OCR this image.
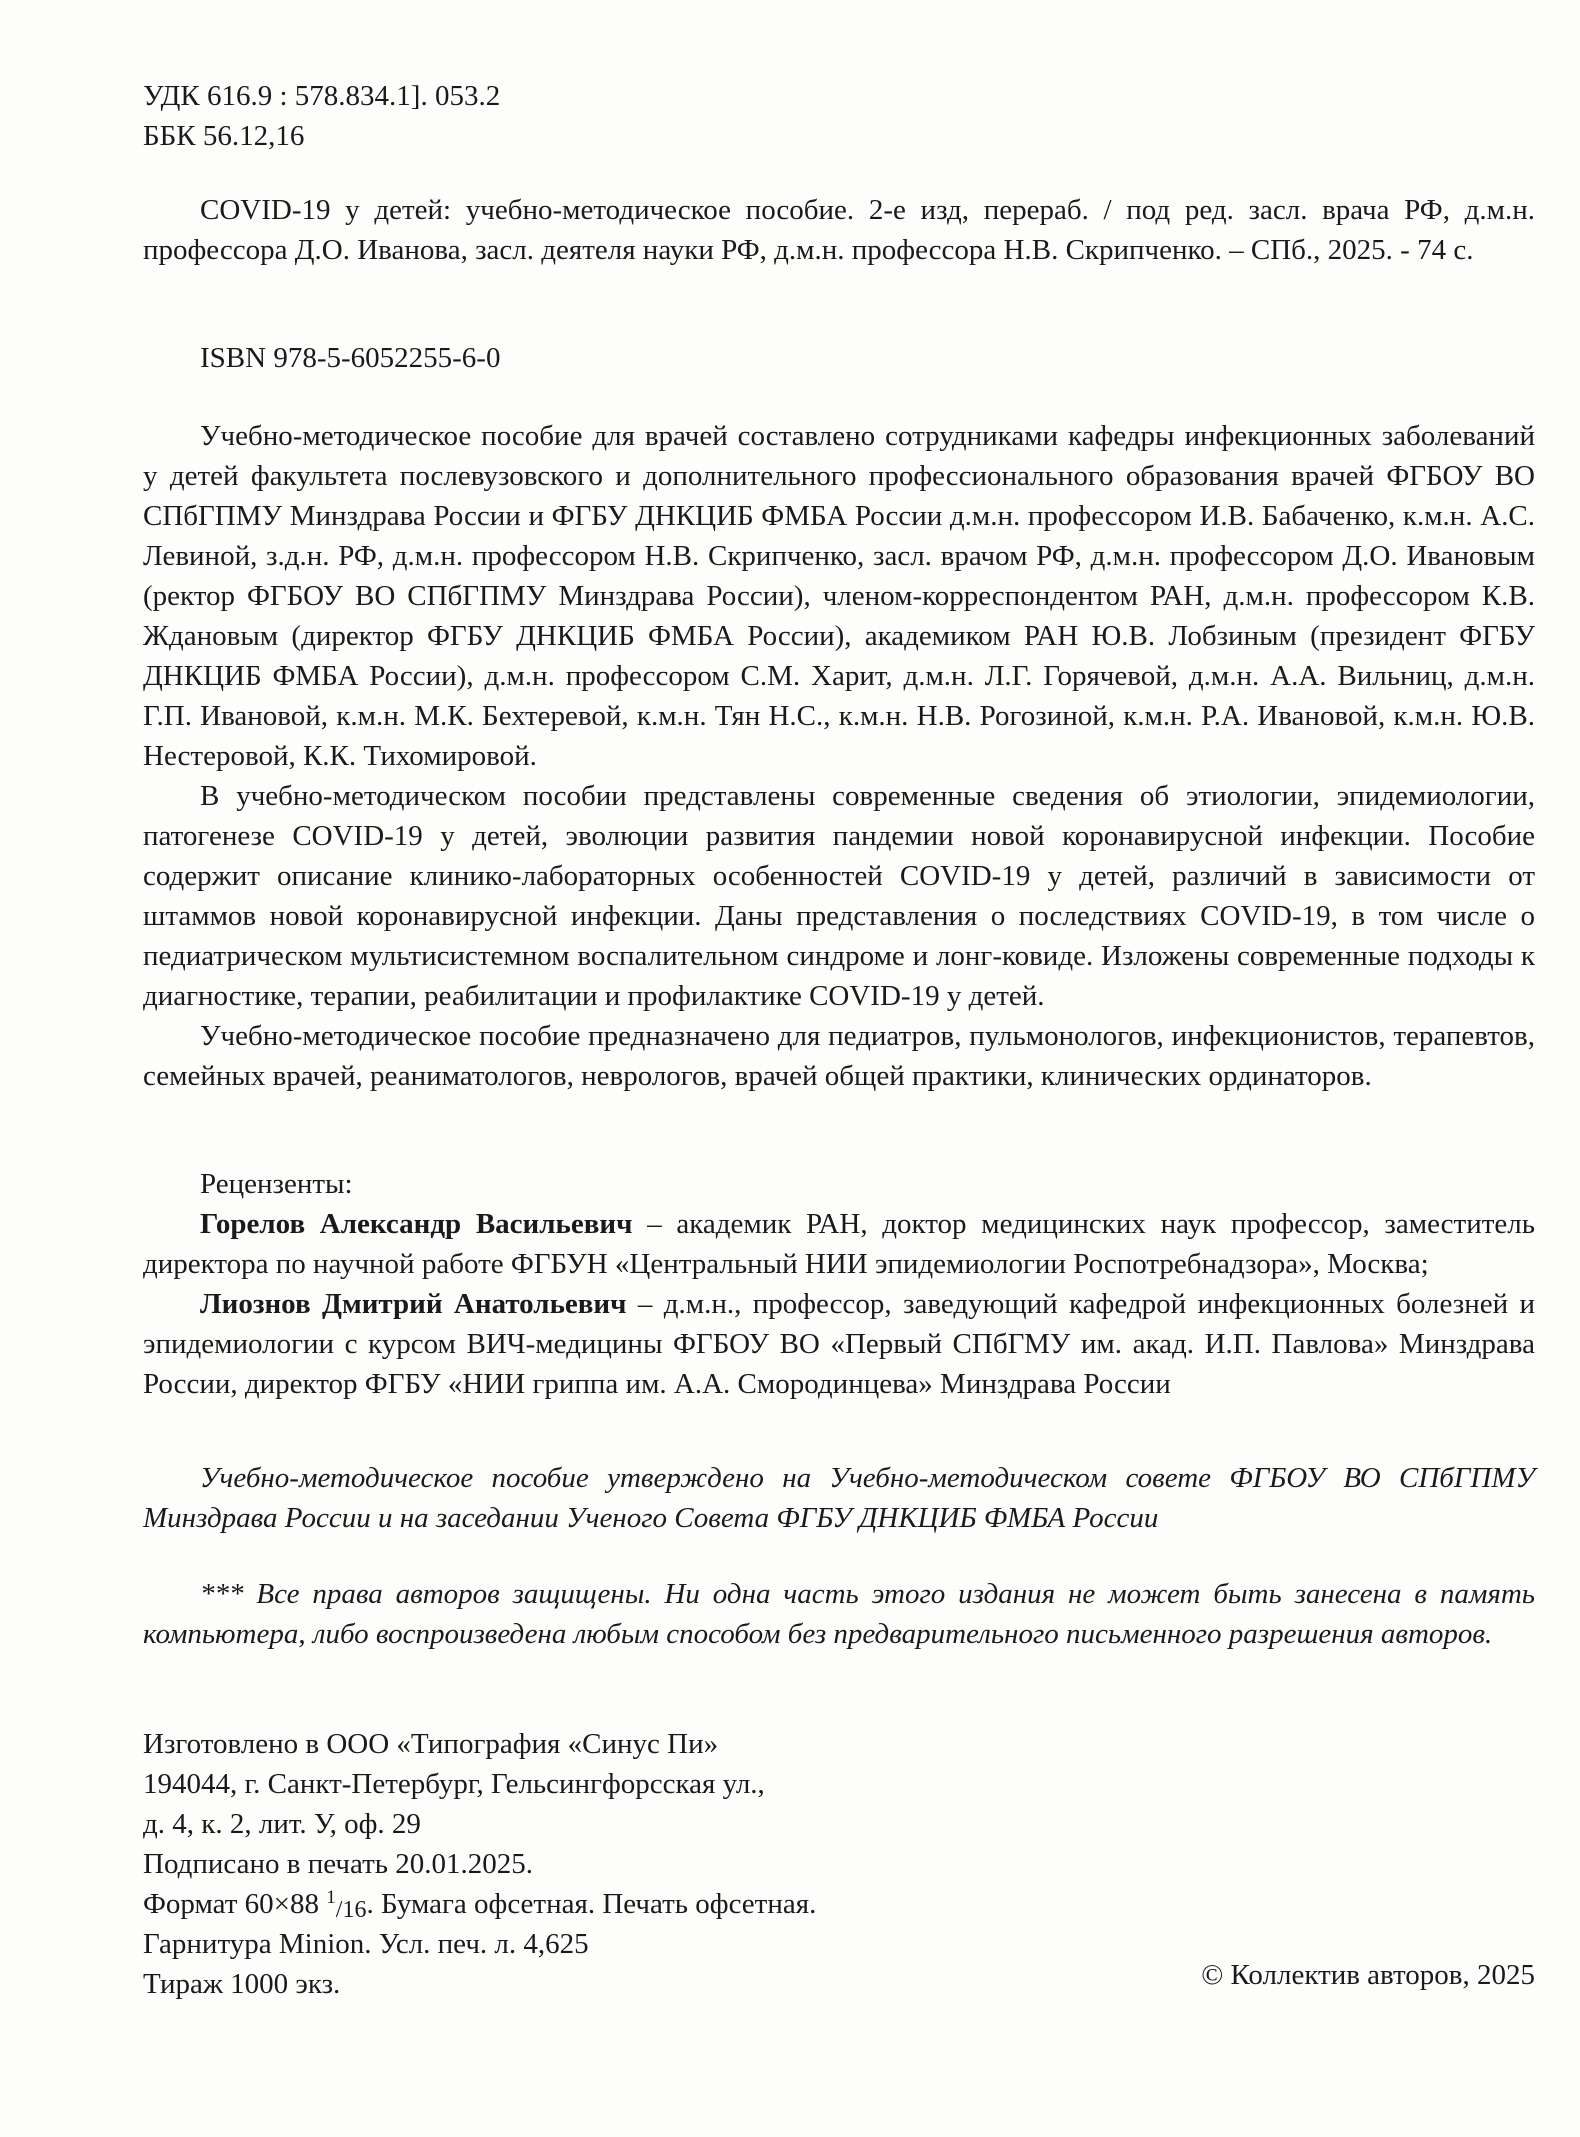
УДК 616.9 : 578.834.1]. 053.2
ББК 56.12,16

COVID-19 у детей: учебно-методическое пособие. 2-е изд, перераб. / под ред. засл. врача РФ, д.м.н. профессора Д.О. Иванова, засл. деятеля науки РФ, д.м.н. профессора Н.В. Скрипченко. – СПб., 2025. - 74 с.

ISBN 978-5-6052255-6-0

Учебно-методическое пособие для врачей составлено сотрудниками кафедры инфекционных заболеваний у детей факультета послевузовского и дополнительного профессионального образования врачей ФГБОУ ВО СПбГПМУ Минздрава России и ФГБУ ДНКЦИБ ФМБА России д.м.н. профессором И.В. Бабаченко, к.м.н. А.С. Левиной, з.д.н. РФ, д.м.н. профессором Н.В. Скрипченко, засл. врачом РФ, д.м.н. профессором Д.О. Ивановым (ректор ФГБОУ ВО СПбГПМУ Минздрава России), членом-корреспондентом РАН, д.м.н. профессором К.В. Ждановым (директор ФГБУ ДНКЦИБ ФМБА России), академиком РАН Ю.В. Лобзиным (президент ФГБУ ДНКЦИБ ФМБА России), д.м.н. профессором С.М. Харит, д.м.н. Л.Г. Горячевой, д.м.н. А.А. Вильниц, д.м.н. Г.П. Ивановой, к.м.н. М.К. Бехтеревой, к.м.н. Тян Н.С., к.м.н. Н.В. Рогозиной, к.м.н. Р.А. Ивановой, к.м.н. Ю.В. Нестеровой, К.К. Тихомировой.

В учебно-методическом пособии представлены современные сведения об этиологии, эпидемиологии, патогенезе COVID-19 у детей, эволюции развития пандемии новой коронавирусной инфекции. Пособие содержит описание клинико-лабораторных особенностей COVID-19 у детей, различий в зависимости от штаммов новой коронавирусной инфекции. Даны представления о последствиях COVID-19, в том числе о педиатрическом мультисистемном воспалительном синдроме и лонг-ковиде. Изложены современные подходы к диагностике, терапии, реабилитации и профилактике COVID-19 у детей.

Учебно-методическое пособие предназначено для педиатров, пульмонологов, инфекционистов, терапевтов, семейных врачей, реаниматологов, неврологов, врачей общей практики, клинических ординаторов.

Рецензенты:

Горелов Александр Васильевич – академик РАН, доктор медицинских наук профессор, заместитель директора по научной работе ФГБУН «Центральный НИИ эпидемиологии Роспотребнадзора», Москва;

Лиознов Дмитрий Анатольевич – д.м.н., профессор, заведующий кафедрой инфекционных болезней и эпидемиологии с курсом ВИЧ-медицины ФГБОУ ВО «Первый СПбГМУ им. акад. И.П. Павлова» Минздрава России, директор ФГБУ «НИИ гриппа им. А.А. Смородинцева» Минздрава России

Учебно-методическое пособие утверждено на Учебно-методическом совете ФГБОУ ВО СПбГПМУ Минздрава России и на заседании Ученого Совета ФГБУ ДНКЦИБ ФМБА России

*** Все права авторов защищены. Ни одна часть этого издания не может быть занесена в память компьютера, либо воспроизведена любым способом без предварительного письменного разрешения авторов.

Изготовлено в ООО «Типография «Синус Пи»
194044, г. Санкт-Петербург, Гельсингфорсская ул.,
д. 4, к. 2, лит. У, оф. 29
Подписано в печать 20.01.2025.
Формат 60×88 $^1$/16. Бумага офсетная. Печать офсетная.
Гарнитура Minion. Усл. печ. л. 4,625
Тираж 1000 экз.	© Коллектив авторов, 2025
